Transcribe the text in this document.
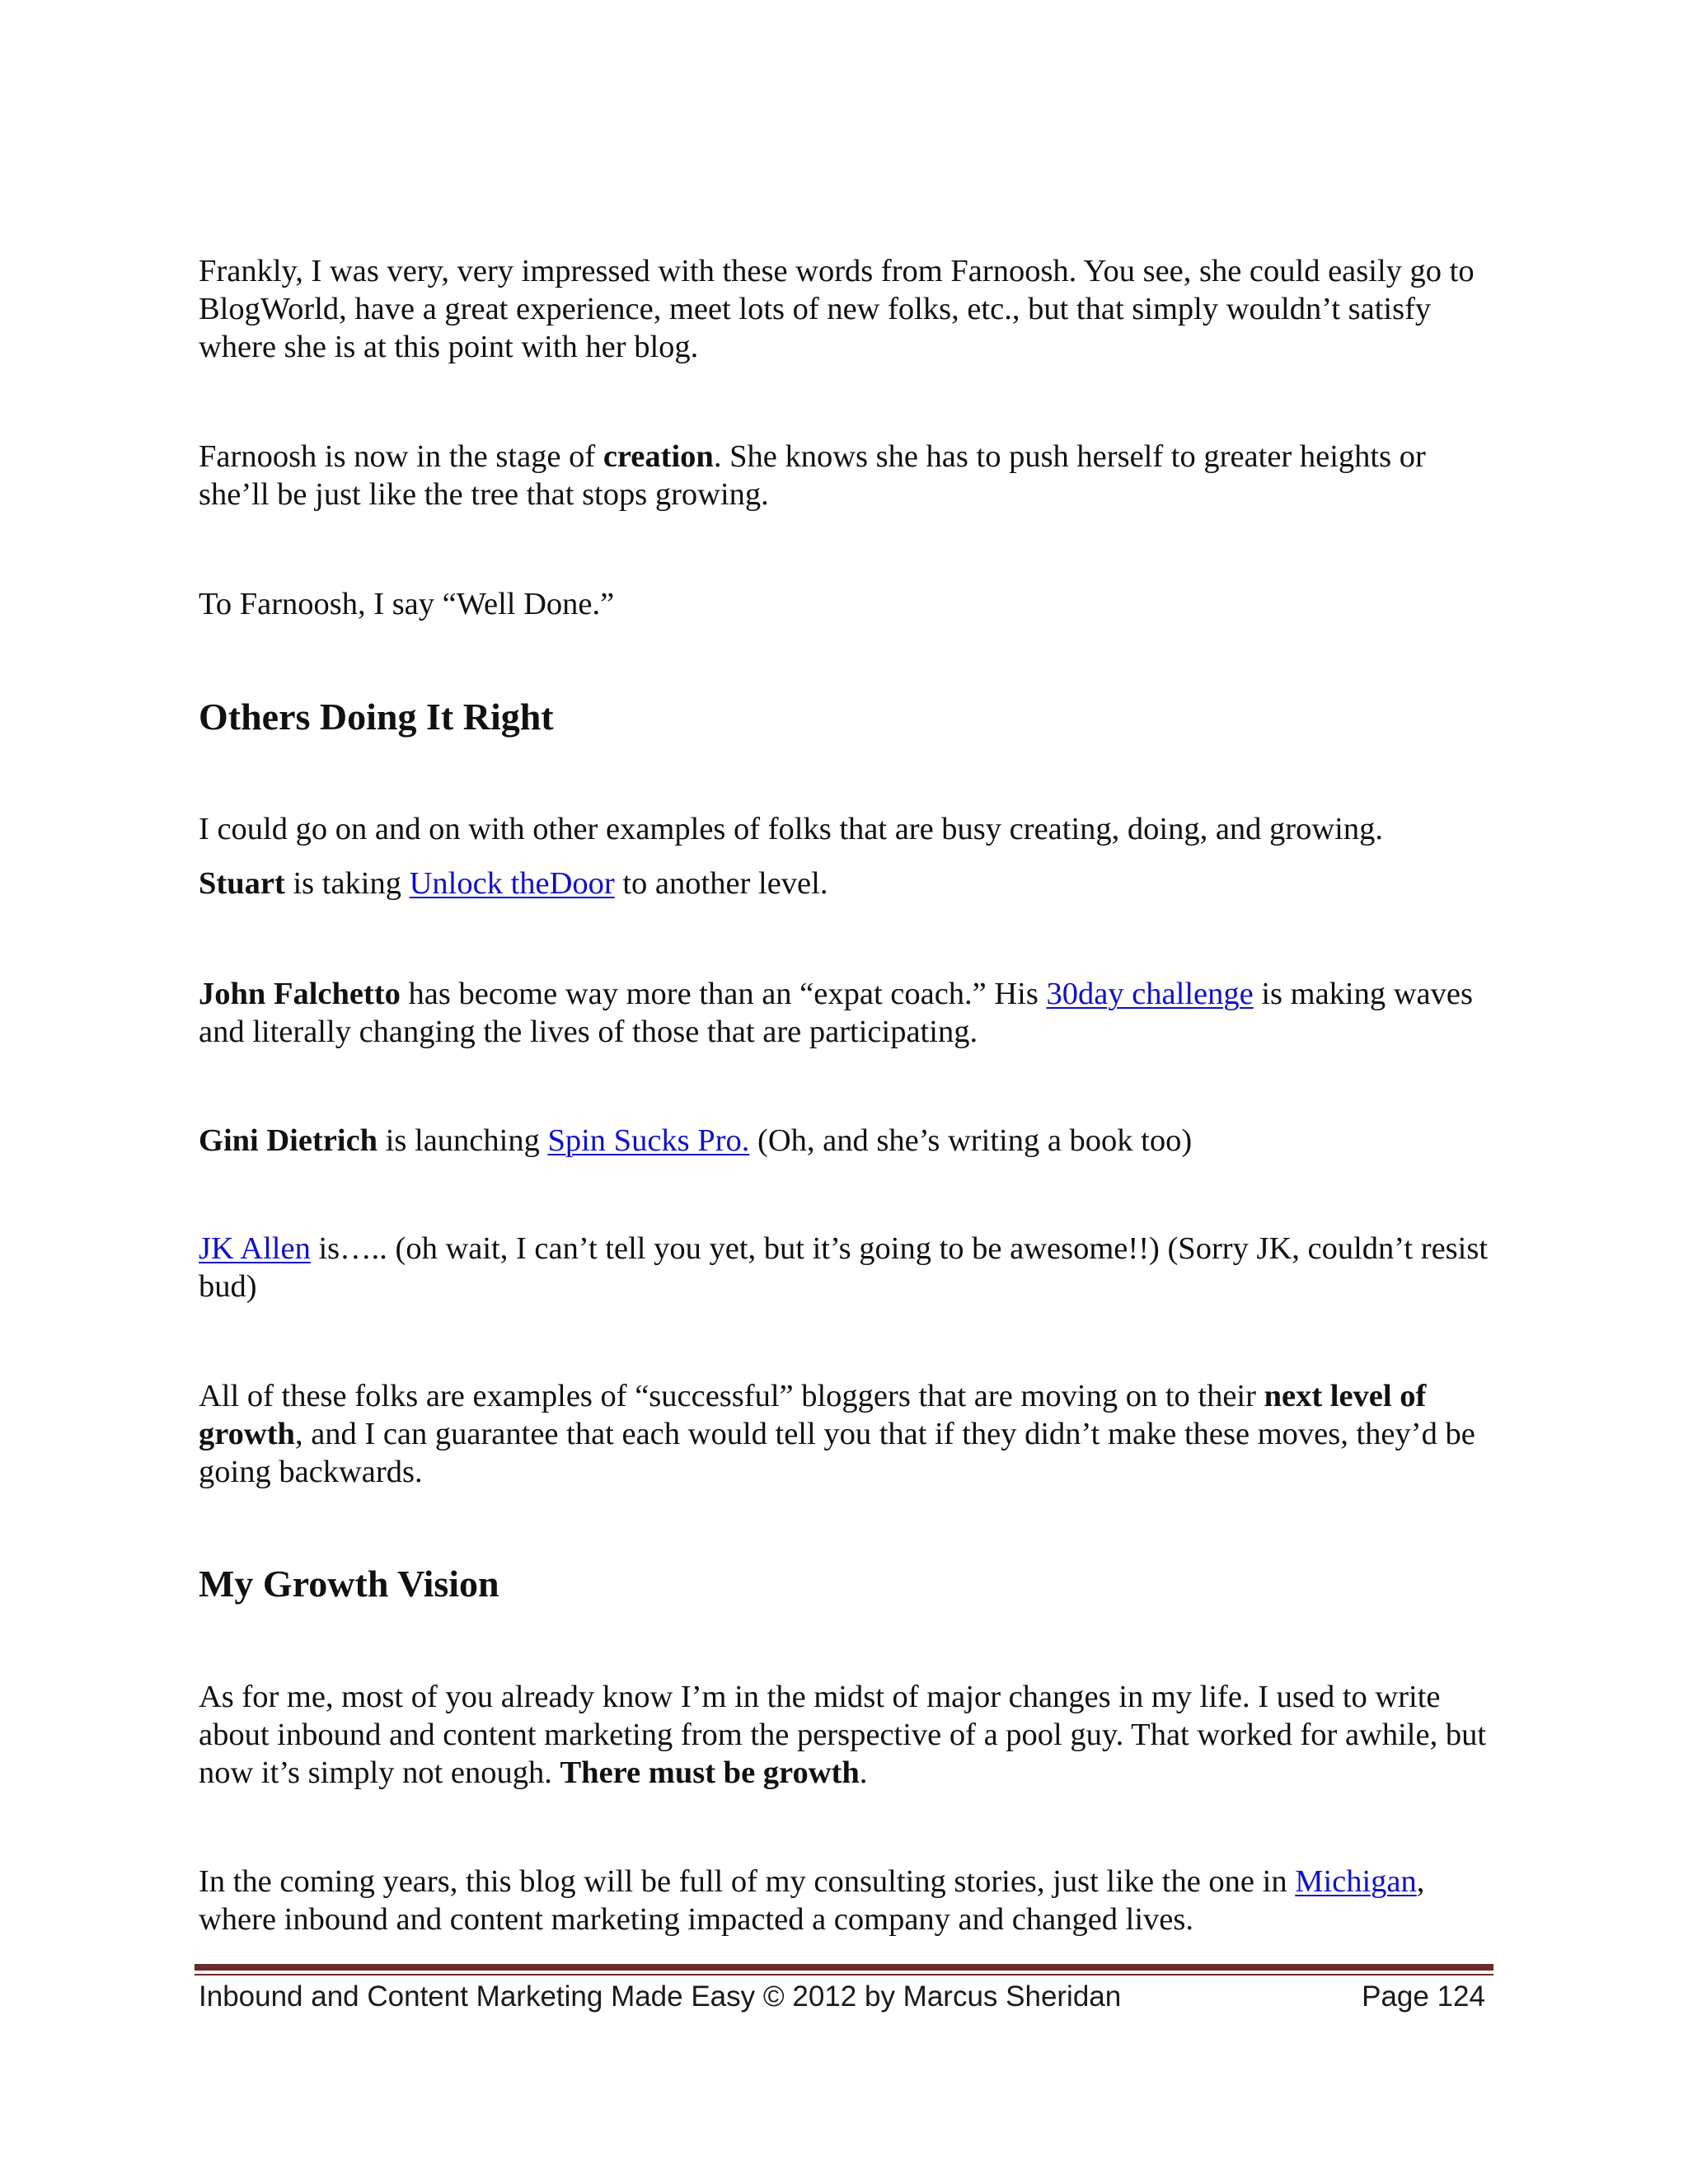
Frankly, I was very, very impressed with these words from Farnoosh. You see, she could easily go to BlogWorld, have a great experience, meet lots of new folks, etc., but that simply wouldn’t satisfy where she is at this point with her blog.

Farnoosh is now in the stage of creation. She knows she has to push herself to greater heights or she’ll be just like the tree that stops growing.

To Farnoosh, I say “Well Done.”

Others Doing It Right

I could go on and on with other examples of folks that are busy creating, doing, and growing.

Stuart is taking Unlock theDoor to another level.

John Falchetto has become way more than an “expat coach.” His 30day challenge is making waves and literally changing the lives of those that are participating.

Gini Dietrich is launching Spin Sucks Pro. (Oh, and she’s writing a book too)

JK Allen is….. (oh wait, I can’t tell you yet, but it’s going to be awesome!!) (Sorry JK, couldn’t resist bud)

All of these folks are examples of “successful” bloggers that are moving on to their next level of growth, and I can guarantee that each would tell you that if they didn’t make these moves, they’d be going backwards.

My Growth Vision

As for me, most of you already know I’m in the midst of major changes in my life. I used to write about inbound and content marketing from the perspective of a pool guy. That worked for awhile, but now it’s simply not enough. There must be growth.

In the coming years, this blog will be full of my consulting stories, just like the one in Michigan, where inbound and content marketing impacted a company and changed lives.

Inbound and Content Marketing Made Easy © 2012 by Marcus Sheridan	Page 124
